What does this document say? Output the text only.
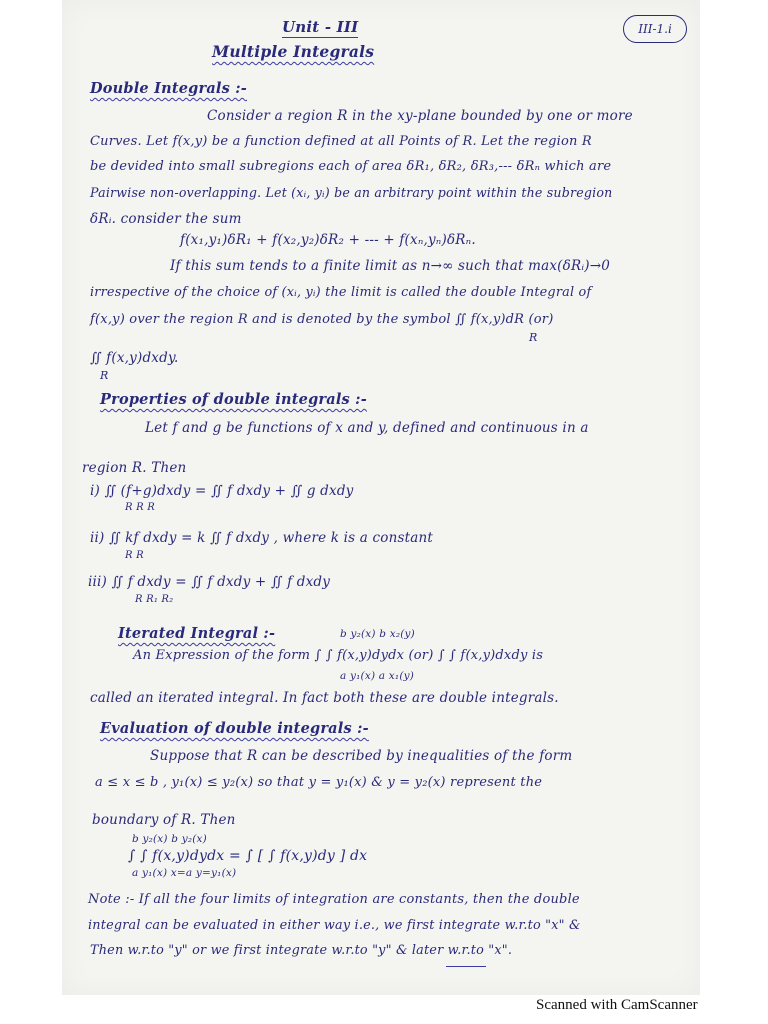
III-1.i
Unit - III
Multiple Integrals
Double Integrals :-
Consider a region R in the xy-plane bounded by one or more
Curves. Let f(x,y) be a function defined at all Points of R. Let the region R
be devided into small subregions each of area δR₁, δR₂, δR₃,--- δRₙ which are
Pairwise non-overlapping. Let (xᵢ, yᵢ) be an arbitrary point within the subregion
δRᵢ. consider the sum
f(x₁,y₁)δR₁ + f(x₂,y₂)δR₂ + --- + f(xₙ,yₙ)δRₙ.
If this sum tends to a finite limit as n→∞ such that max(δRᵢ)→0
irrespective of the choice of (xᵢ, yᵢ) the limit is called the double Integral of
f(x,y) over the region R and is denoted by the symbol ∬ f(x,y)dR (or)
R
∬ f(x,y)dxdy.
R
Properties of double integrals :-
Let f and g be functions of x and y, defined and continuous in a
region R. Then
i) ∬ (f+g)dxdy = ∬ f dxdy + ∬ g dxdy
R R R
ii) ∬ kf dxdy = k ∬ f dxdy , where k is a constant
R R
iii) ∬ f dxdy = ∬ f dxdy + ∬ f dxdy
R R₁ R₂
Iterated Integral :-	b y₂(x) b x₂(y)
An Expression of the form ∫ ∫ f(x,y)dydx (or) ∫ ∫ f(x,y)dxdy is
a y₁(x) a x₁(y)
called an iterated integral. In fact both these are double integrals.
Evaluation of double integrals :-
Suppose that R can be described by inequalities of the form
a ≤ x ≤ b , y₁(x) ≤ y₂(x) so that y = y₁(x) & y = y₂(x) represent the
boundary of R. Then
b y₂(x) b y₂(x)
∫ ∫ f(x,y)dydx = ∫ [ ∫ f(x,y)dy ] dx
a y₁(x) x=a y=y₁(x)
Note :- If all the four limits of integration are constants, then the double
integral can be evaluated in either way i.e., we first integrate w.r.to "x" &
Then w.r.to "y" or we first integrate w.r.to "y" & later w.r.to "x".
Scanned with CamScanner
